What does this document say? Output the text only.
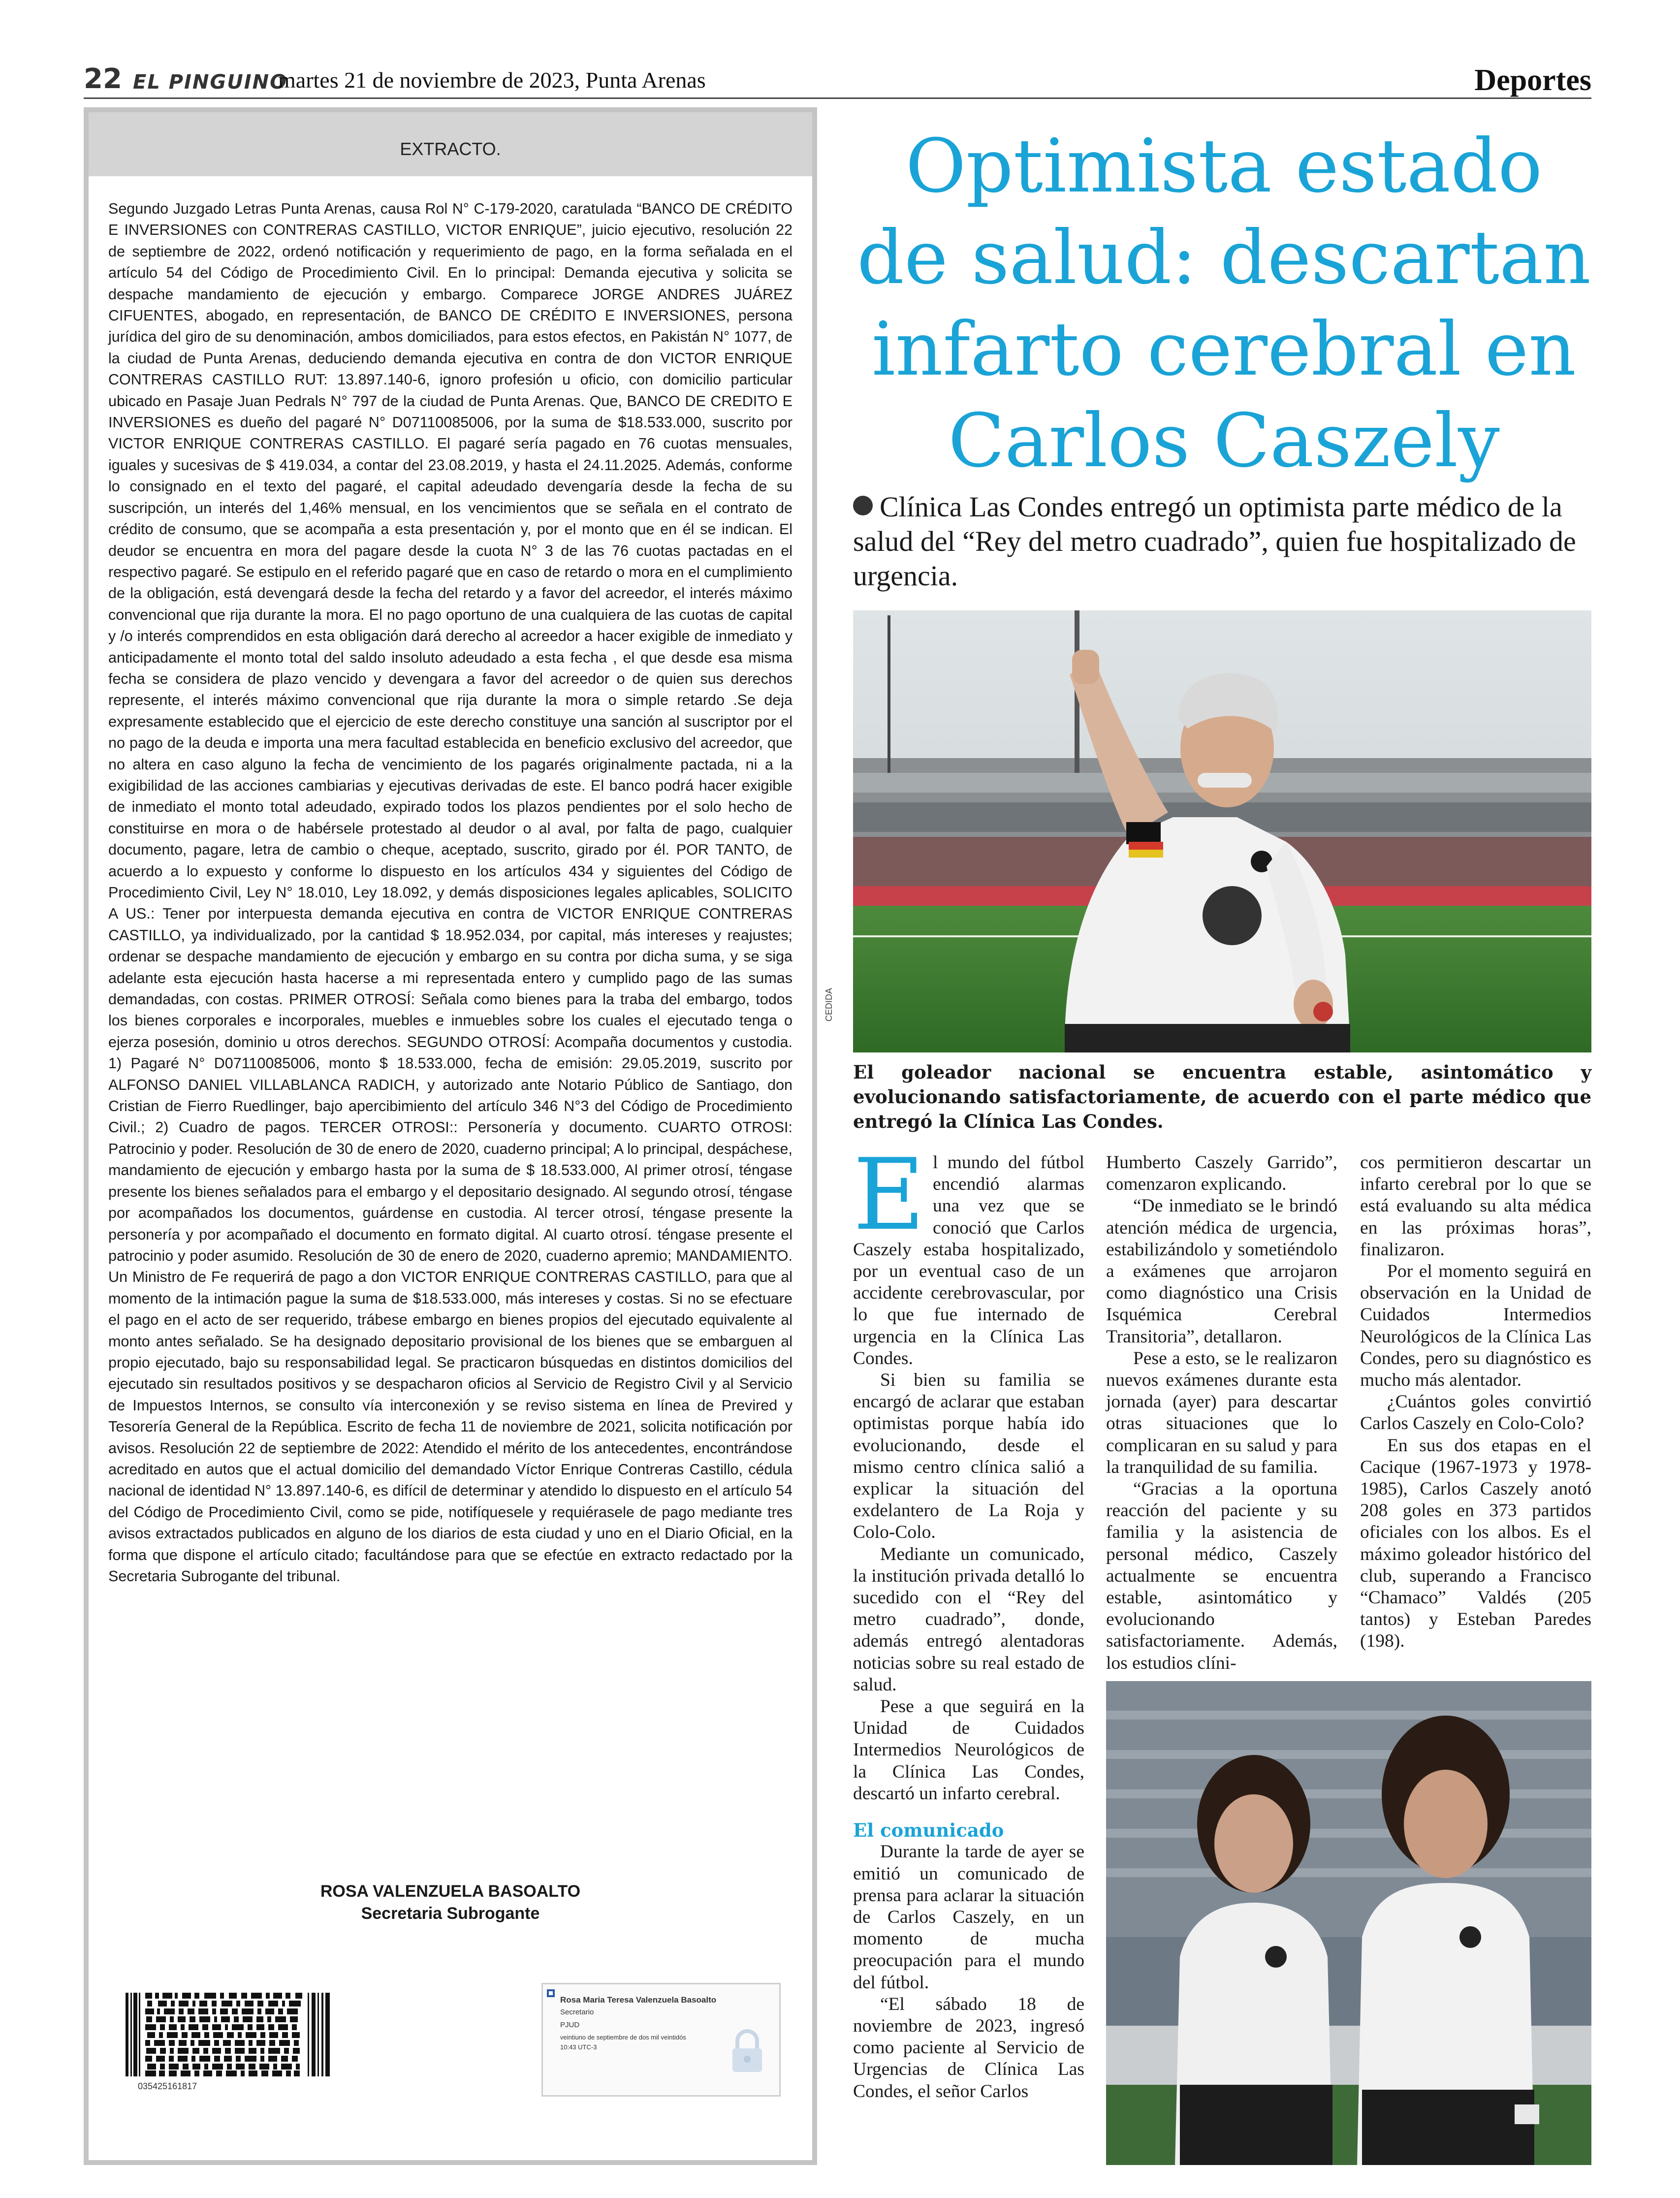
22 EL PINGUINO
martes 21 de noviembre de 2023, Punta Arenas	Deportes
EXTRACTO.
Segundo Juzgado Letras Punta Arenas, causa Rol N° C-179-2020, caratulada “BANCO DE CRÉDITO E INVERSIONES con CONTRERAS CASTILLO, VICTOR ENRIQUE”, juicio ejecutivo, resolución 22 de septiembre de 2022, ordenó notificación y requerimiento de pago, en la forma señalada en el artículo 54 del Código de Procedimiento Civil. En lo principal: Demanda ejecutiva y solicita se despache mandamiento de ejecución y embargo. Comparece JORGE ANDRES JUÁREZ CIFUENTES, abogado, en representación, de BANCO DE CRÉDITO E INVERSIONES, persona jurídica del giro de su denominación, ambos domiciliados, para estos efectos, en Pakistán N° 1077, de la ciudad de Punta Arenas, deduciendo demanda ejecutiva en contra de don VICTOR ENRIQUE CONTRERAS CASTILLO RUT: 13.897.140-6, ignoro profesión u oficio, con domicilio particular ubicado en Pasaje Juan Pedrals N° 797 de la ciudad de Punta Arenas. Que, BANCO DE CREDITO E INVERSIONES es dueño del pagaré N° D07110085006, por la suma de $18.533.000, suscrito por VICTOR ENRIQUE CONTRERAS CASTILLO. El pagaré sería pagado en 76 cuotas mensuales, iguales y sucesivas de $ 419.034, a contar del 23.08.2019, y hasta el 24.11.2025. Además, conforme lo consignado en el texto del pagaré, el capital adeudado devengaría desde la fecha de su suscripción, un interés del 1,46% mensual, en los vencimientos que se señala en el contrato de crédito de consumo, que se acompaña a esta presentación y, por el monto que en él se indican. El deudor se encuentra en mora del pagare desde la cuota N° 3 de las 76 cuotas pactadas en el respectivo pagaré. Se estipulo en el referido pagaré que en caso de retardo o mora en el cumplimiento de la obligación, está devengará desde la fecha del retardo y a favor del acreedor, el interés máximo convencional que rija durante la mora. El no pago oportuno de una cualquiera de las cuotas de capital y /o interés comprendidos en esta obligación dará derecho al acreedor a hacer exigible de inmediato y anticipadamente el monto total del saldo insoluto adeudado a esta fecha , el que desde esa misma fecha se considera de plazo vencido y devengara a favor del acreedor o de quien sus derechos represente, el interés máximo convencional que rija durante la mora o simple retardo .Se deja expresamente establecido que el ejercicio de este derecho constituye una sanción al suscriptor por el no pago de la deuda e importa una mera facultad establecida en beneficio exclusivo del acreedor, que no altera en caso alguno la fecha de vencimiento de los pagarés originalmente pactada, ni a la exigibilidad de las acciones cambiarias y ejecutivas derivadas de este. El banco podrá hacer exigible de inmediato el monto total adeudado, expirado todos los plazos pendientes por el solo hecho de constituirse en mora o de habérsele protestado al deudor o al aval, por falta de pago, cualquier documento, pagare, letra de cambio o cheque, aceptado, suscrito, girado por él. POR TANTO, de acuerdo a lo expuesto y conforme lo dispuesto en los artículos 434 y siguientes del Código de Procedimiento Civil, Ley N° 18.010, Ley 18.092, y demás disposiciones legales aplicables, SOLICITO A US.: Tener por interpuesta demanda ejecutiva en contra de VICTOR ENRIQUE CONTRERAS CASTILLO, ya individualizado, por la cantidad $ 18.952.034, por capital, más intereses y reajustes; ordenar se despache mandamiento de ejecución y embargo en su contra por dicha suma, y se siga adelante esta ejecución hasta hacerse a mi representada entero y cumplido pago de las sumas demandadas, con costas. PRIMER OTROSÍ: Señala como bienes para la traba del embargo, todos los bienes corporales e incorporales, muebles e inmuebles sobre los cuales el ejecutado tenga o ejerza posesión, dominio u otros derechos. SEGUNDO OTROSÍ: Acompaña documentos y custodia. 1) Pagaré N° D07110085006, monto $ 18.533.000, fecha de emisión: 29.05.2019, suscrito por ALFONSO DANIEL VILLABLANCA RADICH, y autorizado ante Notario Público de Santiago, don Cristian de Fierro Ruedlinger, bajo apercibimiento del artículo 346 N°3 del Código de Procedimiento Civil.; 2) Cuadro de pagos. TERCER OTROSI:: Personería y documento. CUARTO OTROSI: Patrocinio y poder. Resolución de 30 de enero de 2020, cuaderno principal; A lo principal, despáchese, mandamiento de ejecución y embargo hasta por la suma de $ 18.533.000, Al primer otrosí, téngase presente los bienes señalados para el embargo y el depositario designado. Al segundo otrosí, téngase por acompañados los documentos, guárdense en custodia. Al tercer otrosí, téngase presente la personería y por acompañado el documento en formato digital. Al cuarto otrosí. téngase presente el patrocinio y poder asumido. Resolución de 30 de enero de 2020, cuaderno apremio; MANDAMIENTO. Un Ministro de Fe requerirá de pago a don VICTOR ENRIQUE CONTRERAS CASTILLO, para que al momento de la intimación pague la suma de $18.533.000, más intereses y costas. Si no se efectuare el pago en el acto de ser requerido, trábese embargo en bienes propios del ejecutado equivalente al monto antes señalado. Se ha designado depositario provisional de los bienes que se embarguen al propio ejecutado, bajo su responsabilidad legal. Se practicaron búsquedas en distintos domicilios del ejecutado sin resultados positivos y se despacharon oficios al Servicio de Registro Civil y al Servicio de Impuestos Internos, se consulto vía interconexión y se reviso sistema en línea de Previred y Tesorería General de la República. Escrito de fecha 11 de noviembre de 2021, solicita notificación por avisos. Resolución 22 de septiembre de 2022: Atendido el mérito de los antecedentes, encontrándose acreditado en autos que el actual domicilio del demandado Víctor Enrique Contreras Castillo, cédula nacional de identidad N° 13.897.140-6, es difícil de determinar y atendido lo dispuesto en el artículo 54 del Código de Procedimiento Civil, como se pide, notifíquesele y requiérasele de pago mediante tres avisos extractados publicados en alguno de los diarios de esta ciudad y uno en el Diario Oficial, en la forma que dispone el artículo citado; facultándose para que se efectúe en extracto redactado por la Secretaria Subrogante del tribunal.
ROSA VALENZUELA BASOALTO
Secretaria Subrogante
035425161817
Rosa Maria Teresa Valenzuela Basoalto
Secretario
PJUD
veintiuno de septiembre de dos mil veintidós
10:43 UTC-3
Optimista estado de salud: descartan infarto cerebral en Carlos Caszely
Clínica Las Condes entregó un optimista parte médico de la salud del “Rey del metro cuadrado”, quien fue hospitalizado de urgencia.
CEDIDA
El goleador nacional se encuentra estable, asintomático y evolucionando satisfactoriamente, de acuerdo con el parte médico que entregó la Clínica Las Condes.

El mundo del fútbol encendió alarmas una vez que se conoció que Carlos Caszely estaba hospitalizado, por un eventual caso de un accidente cerebrovascular, por lo que fue internado de urgencia en la Clínica Las Condes.

Si bien su familia se encargó de aclarar que estaban optimistas porque había ido evolucionando, desde el mismo centro clínica salió a explicar la situación del exdelantero de La Roja y Colo-Colo.

Mediante un comunicado, la institución privada detalló lo sucedido con el “Rey del metro cuadrado”, donde, además entregó alentadoras noticias sobre su real estado de salud.

Pese a que seguirá en la Unidad de Cuidados Intermedios Neurológicos de la Clínica Las Condes, descartó un infarto cerebral.

El comunicado

Durante la tarde de ayer se emitió un comunicado de prensa para aclarar la situación de Carlos Caszely, en un momento de mucha preocupación para el mundo del fútbol.

“El sábado 18 de noviembre de 2023, ingresó como paciente al Servicio de Urgencias de Clínica Las Condes, el señor Carlos

Humberto Caszely Garrido”, comenzaron explicando.

“De inmediato se le brindó atención médica de urgencia, estabilizándolo y sometiéndolo a exámenes que arrojaron como diagnóstico una Crisis Isquémica Cerebral Transitoria”, detallaron.

Pese a esto, se le realizaron nuevos exámenes durante esta jornada (ayer) para descartar otras situaciones que lo complicaran en su salud y para la tranquilidad de su familia.

“Gracias a la oportuna reacción del paciente y su familia y la asistencia de personal médico, Caszely actualmente se encuentra estable, asintomático y evolucionando satisfactoriamente. Además, los estudios clíni-

cos permitieron descartar un infarto cerebral por lo que se está evaluando su alta médica en las próximas horas”, finalizaron.

Por el momento seguirá en observación en la Unidad de Cuidados Intermedios Neurológicos de la Clínica Las Condes, pero su diagnóstico es mucho más alentador.

¿Cuántos goles convirtió Carlos Caszely en Colo-Colo?

En sus dos etapas en el Cacique (1967-1973 y 1978-1985), Carlos Caszely anotó 208 goles en 373 partidos oficiales con los albos. Es el máximo goleador histórico del club, superando a Francisco “Chamaco” Valdés (205 tantos) y Esteban Paredes (198).
